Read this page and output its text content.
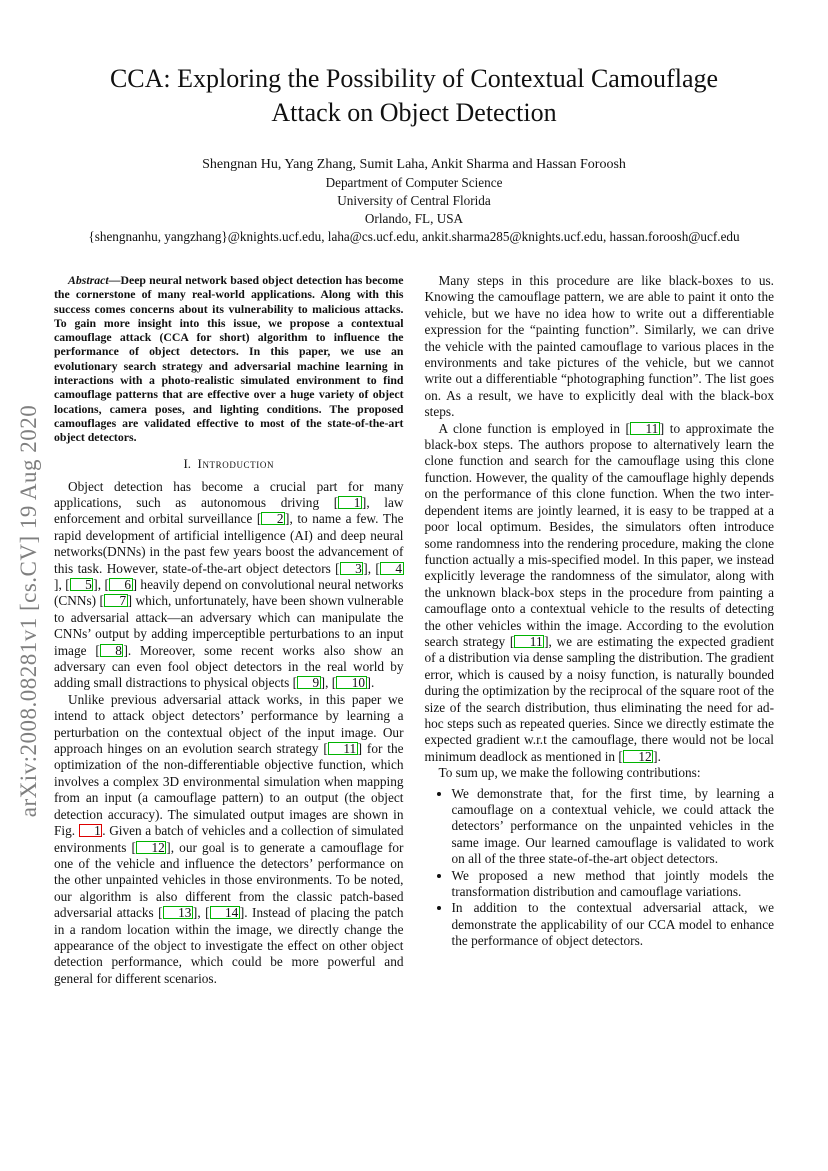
arXiv:2008.08281v1 [cs.CV] 19 Aug 2020
CCA: Exploring the Possibility of Contextual Camouflage Attack on Object Detection
Shengnan Hu, Yang Zhang, Sumit Laha, Ankit Sharma and Hassan Foroosh
Department of Computer Science
University of Central Florida
Orlando, FL, USA
{shengnanhu, yangzhang}@knights.ucf.edu, laha@cs.ucf.edu, ankit.sharma285@knights.ucf.edu, hassan.foroosh@ucf.edu

Abstract—Deep neural network based object detection has become the cornerstone of many real-world applications. Along with this success comes concerns about its vulnerability to malicious attacks. To gain more insight into this issue, we propose a contextual camouflage attack (CCA for short) algorithm to influence the performance of object detectors. In this paper, we use an evolutionary search strategy and adversarial machine learning in interactions with a photo-realistic simulated environment to find camouflage patterns that are effective over a huge variety of object locations, camera poses, and lighting conditions. The proposed camouflages are validated effective to most of the state-of-the-art object detectors.

I. Introduction

Object detection has become a crucial part for many applications, such as autonomous driving [ 1 ], law enforcement and orbital surveillance [ 2 ], to name a few. The rapid development of artificial intelligence (AI) and deep neural networks(DNNs) in the past few years boost the advancement of this task. However, state-of-the-art object detectors [ 3 ], [ 4], [ 5 ], [ 6 ] heavily depend on convolutional neural networks (CNNs) [ 7 ] which, unfortunately, have been shown vulnerable to adversarial attack—an adversary which can manipulate the CNNs’ output by adding imperceptible perturbations to an input image [ 8 ]. Moreover, some recent works also show an adversary can even fool object detectors in the real world by adding small distractions to physical objects [ 9 ], [ 10 ].

Unlike previous adversarial attack works, in this paper we intend to attack object detectors’ performance by learning a perturbation on the contextual object of the input image. Our approach hinges on an evolution search strategy [ 11 ] for the optimization of the non-differentiable objective function, which involves a complex 3D environmental simulation when mapping from an input (a camouflage pattern) to an output (the object detection accuracy). The simulated output images are shown in Fig. 1 . Given a batch of vehicles and a collection of simulated environments [ 12 ], our goal is to generate a camouflage for one of the vehicle and influence the detectors’ performance on the other unpainted vehicles in those environments. To be noted, our algorithm is also different from the classic patch-based adversarial attacks [ 13 ], [ 14 ]. Instead of placing the patch in a random location within the image, we directly change the appearance of the object to investigate the effect on other object detection performance, which could be more powerful and general for different scenarios.

Many steps in this procedure are like black-boxes to us. Knowing the camouflage pattern, we are able to paint it onto the vehicle, but we have no idea how to write out a differentiable expression for the “painting function”. Similarly, we can drive the vehicle with the painted camouflage to various places in the environments and take pictures of the vehicle, but we cannot write out a differentiable “photographing function”. The list goes on. As a result, we have to explicitly deal with the black-box steps.

A clone function is employed in [ 11 ] to approximate the black-box steps. The authors propose to alternatively learn the clone function and search for the camouflage using this clone function. However, the quality of the camouflage highly depends on the performance of this clone function. When the two inter-dependent items are jointly learned, it is easy to be trapped at a poor local optimum. Besides, the simulators often introduce some randomness into the rendering procedure, making the clone function actually a mis-specified model. In this paper, we instead explicitly leverage the randomness of the simulator, along with the unknown black-box steps in the procedure from painting a camouflage onto a contextual vehicle to the results of detecting the other vehicles within the image. According to the evolution search strategy [ 11 ], we are estimating the expected gradient of a distribution via dense sampling the distribution. The gradient error, which is caused by a noisy function, is naturally bounded during the optimization by the reciprocal of the square root of the size of the search distribution, thus eliminating the need for ad-hoc steps such as repeated queries. Since we directly estimate the expected gradient w.r.t the camouflage, there would not be local minimum deadlock as mentioned in [ 12 ].

To sum up, we make the following contributions:

• We demonstrate that, for the first time, by learning a camouflage on a contextual vehicle, we could attack the detectors’ performance on the unpainted vehicles in the same image. Our learned camouflage is validated to work on all of the three state-of-the-art object detectors.
• We proposed a new method that jointly models the transformation distribution and camouflage variations.
• In addition to the contextual adversarial attack, we demonstrate the applicability of our CCA model to enhance the performance of object detectors.
